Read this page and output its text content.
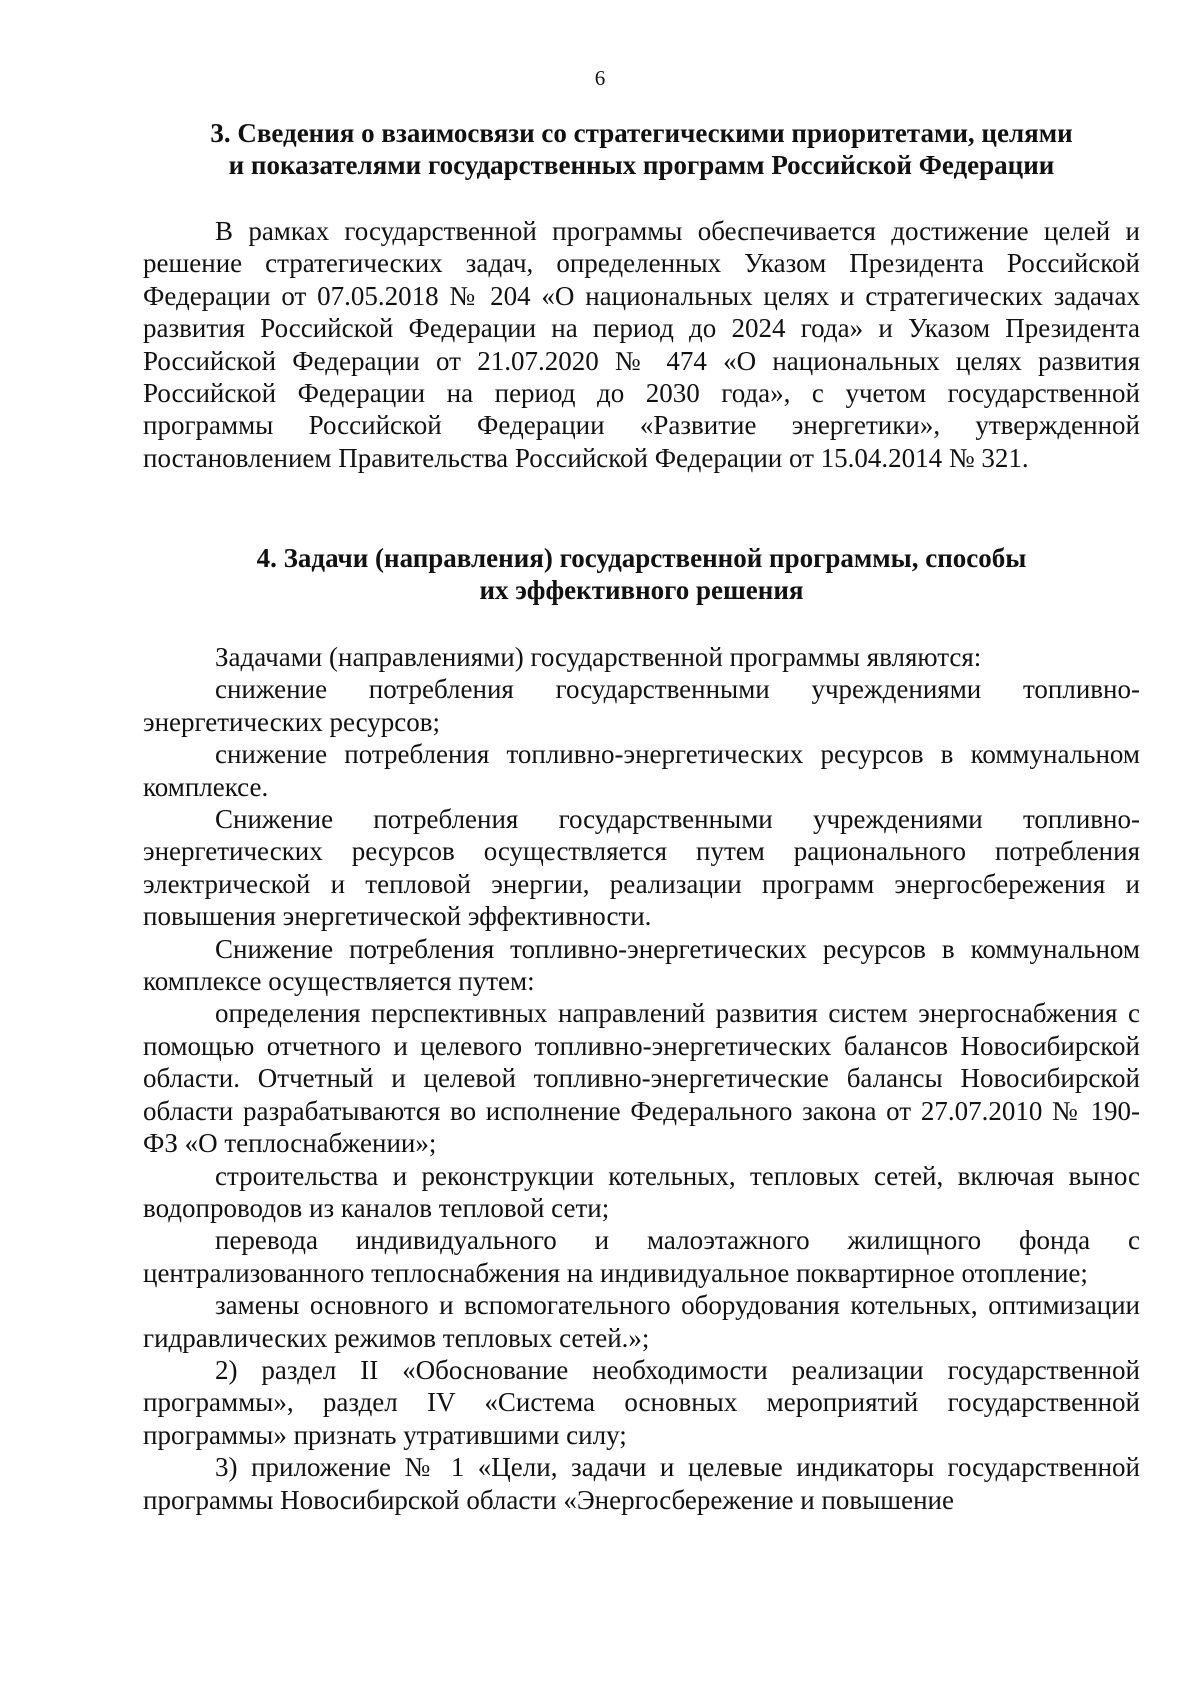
6
3. Сведения о взаимосвязи со стратегическими приоритетами, целями
и показателями государственных программ Российской Федерации

В рамках государственной программы обеспечивается достижение целей и решение стратегических задач, определенных Указом Президента Российской Федерации от 07.05.2018 № 204 «О национальных целях и стратегических задачах развития Российской Федерации на период до 2024 года» и Указом Президента Российской Федерации от 21.07.2020 № 474 «О национальных целях развития Российской Федерации на период до 2030 года», с учетом государственной программы Российской Федерации «Развитие энергетики», утвержденной постановлением Правительства Российской Федерации от 15.04.2014 № 321.

4. Задачи (направления) государственной программы, способы
их эффективного решения

Задачами (направлениями) государственной программы являются:

снижение потребления государственными учреждениями топливно-энергетических ресурсов;

снижение потребления топливно-энергетических ресурсов в коммунальном комплексе.

Снижение потребления государственными учреждениями топливно-энергетических ресурсов осуществляется путем рационального потребления электрической и тепловой энергии, реализации программ энергосбережения и повышения энергетической эффективности.

Снижение потребления топливно-энергетических ресурсов в коммунальном комплексе осуществляется путем:

определения перспективных направлений развития систем энергоснабжения с помощью отчетного и целевого топливно-энергетических балансов Новосибирской области. Отчетный и целевой топливно-энергетические балансы Новосибирской области разрабатываются во исполнение Федерального закона от 27.07.2010 № 190-ФЗ «О теплоснабжении»;

строительства и реконструкции котельных, тепловых сетей, включая вынос водопроводов из каналов тепловой сети;

перевода индивидуального и малоэтажного жилищного фонда с централизованного теплоснабжения на индивидуальное поквартирное отопление;

замены основного и вспомогательного оборудования котельных, оптимизации гидравлических режимов тепловых сетей.»;

2) раздел II «Обоснование необходимости реализации государственной программы», раздел IV «Система основных мероприятий государственной программы» признать утратившими силу;

3) приложение № 1 «Цели, задачи и целевые индикаторы государственной программы Новосибирской области «Энергосбережение и повышение
